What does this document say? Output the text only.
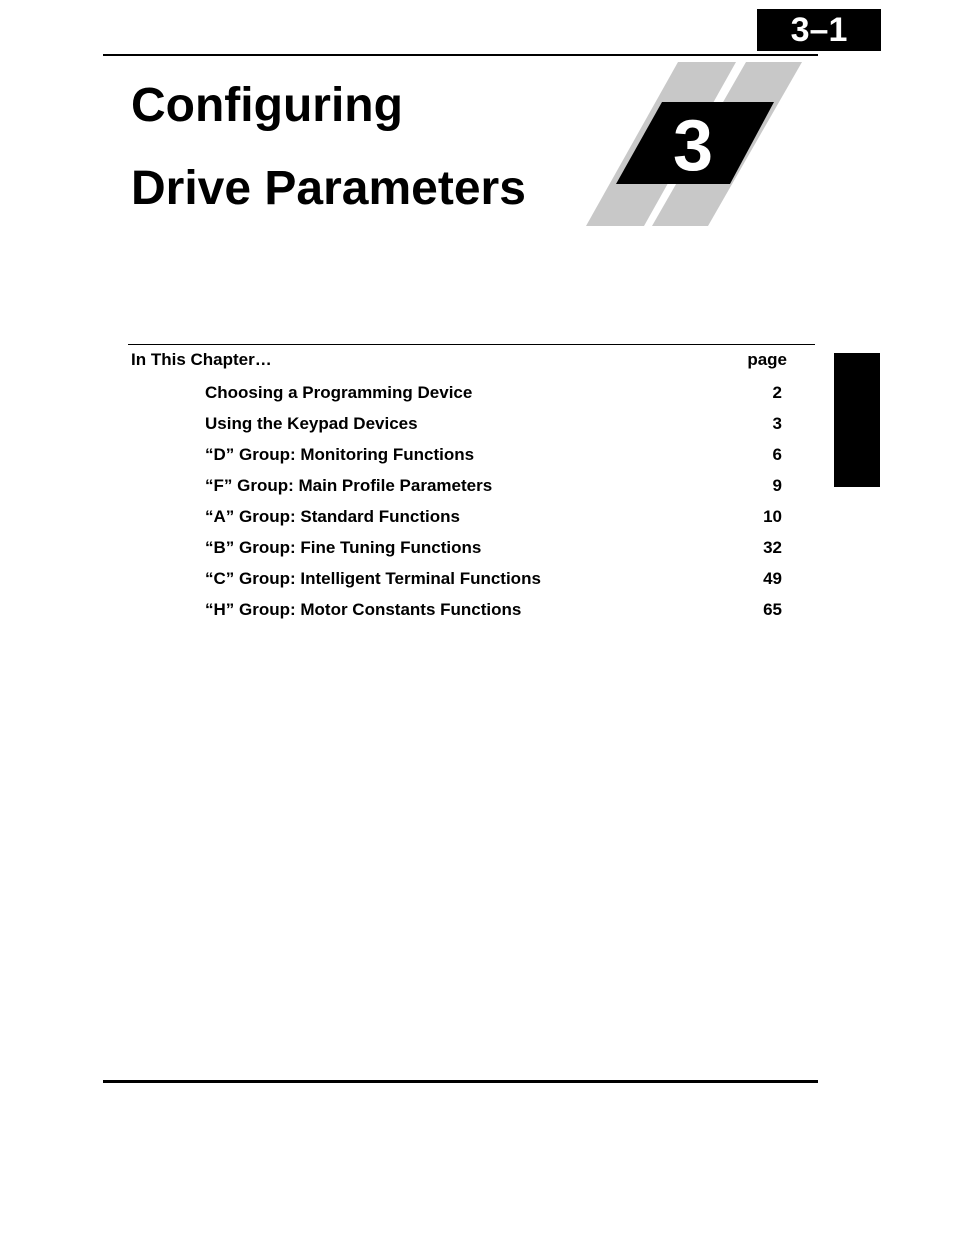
3–1
Configuring
Drive Parameters
3
In This Chapter…	page
Choosing a Programming Device	2
Using the Keypad Devices	3
“D” Group: Monitoring Functions	6
“F” Group: Main Profile Parameters	9
“A” Group: Standard Functions	10
“B” Group: Fine Tuning Functions	32
“C” Group: Intelligent Terminal Functions	49
“H” Group: Motor Constants Functions	65
